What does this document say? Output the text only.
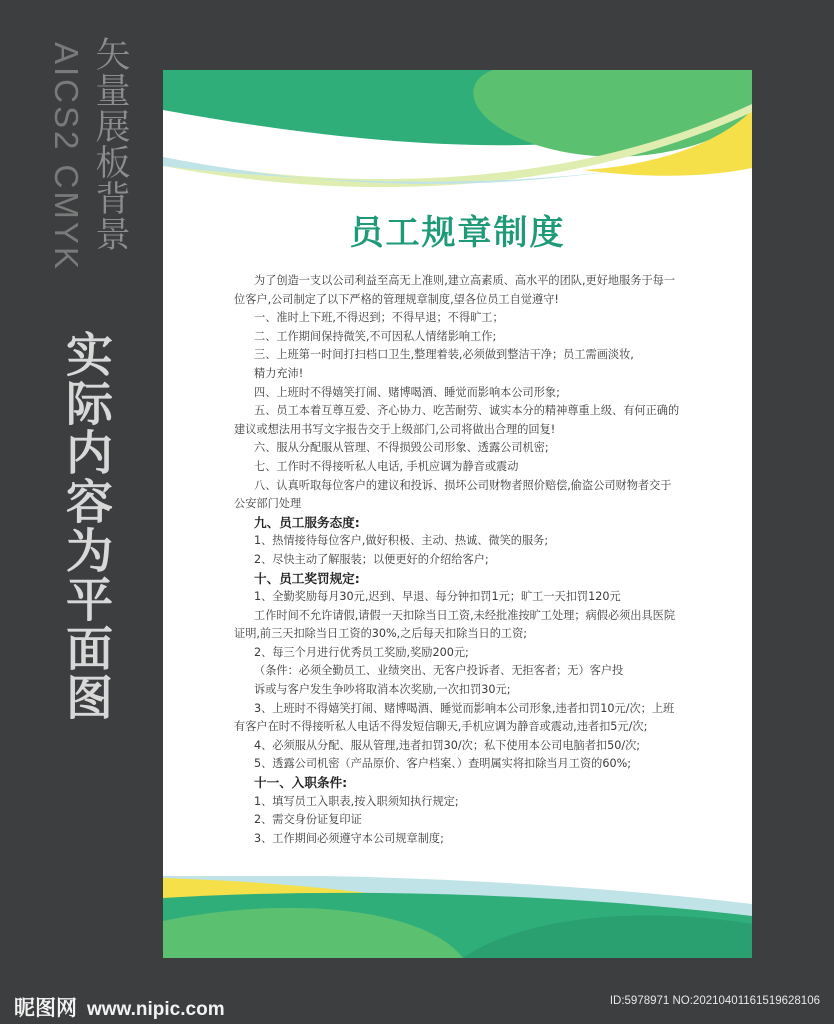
AICS2 CMYK 矢量展板背景
实际内容为平面图
员工规章制度
为了创造一支以公司利益至高无上准则,建立高素质、高水平的团队,更好地服务于每一
位客户,公司制定了以下严格的管理规章制度,望各位员工自觉遵守!
一、准时上下班,不得迟到；不得早退；不得旷工；
二、工作期间保持微笑,不可因私人情绪影响工作;
三、上班第一时间打扫档口卫生,整理着装,必须做到整洁干净；员工需画淡妆,
精力充沛!
四、上班时不得嬉笑打闹、赌博喝酒、睡觉而影响本公司形象;
五、员工本着互尊互爱、齐心协力、吃苦耐劳、诚实本分的精神尊重上级、有何正确的
建议或想法用书写文字报告交于上级部门,公司将做出合理的回复!
六、服从分配服从管理、不得损毁公司形象、透露公司机密;
七、工作时不得接听私人电话, 手机应调为静音或震动
八、认真听取每位客户的建议和投诉、损坏公司财物者照价赔偿,偷盗公司财物者交于
公安部门处理
九、员工服务态度:
1、热情接待每位客户,做好积极、主动、热诚、微笑的服务;
2、尽快主动了解服装；以便更好的介绍给客户;
十、员工奖罚规定:
1、全勤奖励每月30元,迟到、早退、每分钟扣罚1元；旷工一天扣罚120元
工作时间不允许请假,请假一天扣除当日工资,未经批准按旷工处理；病假必须出具医院
证明,前三天扣除当日工资的30%,之后每天扣除当日的工资;
2、每三个月进行优秀员工奖励,奖励200元;
（条件：必须全勤员工、业绩突出、无客户投诉者、无拒客者；无）客户投
诉或与客户发生争吵将取消本次奖励,一次扣罚30元;
3、上班时不得嬉笑打闹、赌博喝酒、睡觉而影响本公司形象,违者扣罚10元/次；上班
有客户在时不得接听私人电话不得发短信聊天,手机应调为静音或震动,违者扣5元/次;
4、必须服从分配、服从管理,违者扣罚30/次；私下使用本公司电脑者扣50/次;
5、透露公司机密（产品原价、客户档案、）查明属实将扣除当月工资的60%;
十一、入职条件:
1、填写员工入职表,按入职须知执行规定;
2、需交身份证复印证
3、工作期间必须遵守本公司规章制度;
昵图网 www.nipic.com	ID:5978971 NO:20210401161519628106
